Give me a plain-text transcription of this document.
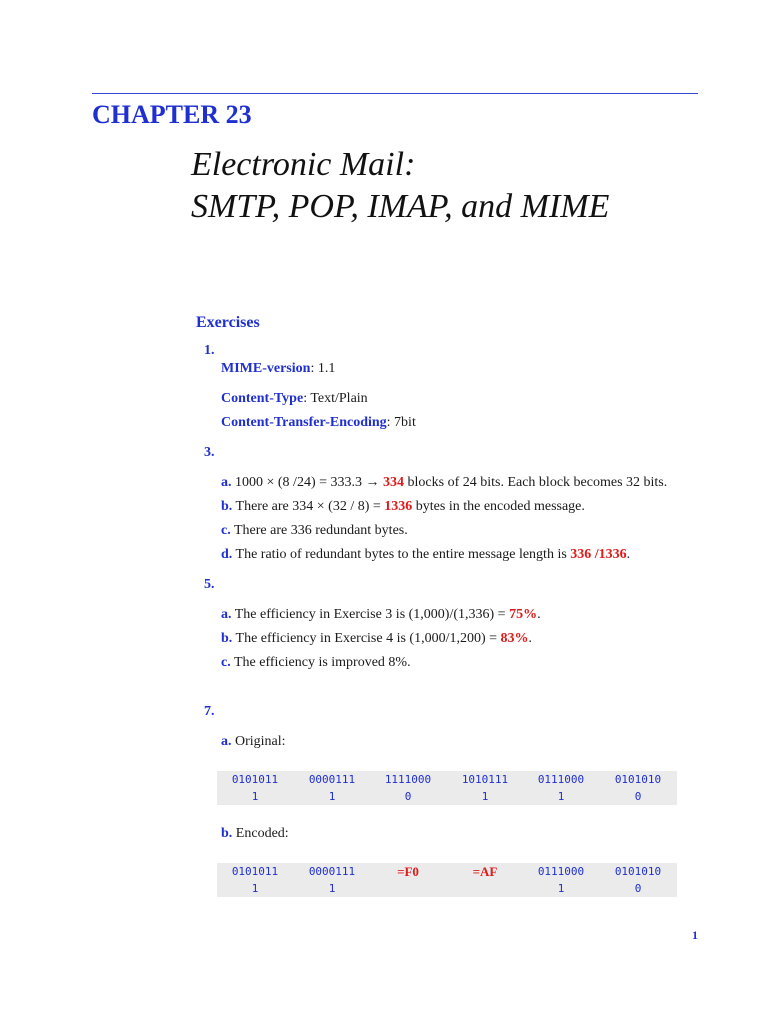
CHAPTER 23
Electronic Mail:
SMTP, POP, IMAP, and MIME
Exercises
1.
MIME-version: 1.1
Content-Type: Text/Plain
Content-Transfer-Encoding: 7bit
3.
a. 1000 × (8 /24) = 333.3 → 334 blocks of 24 bits. Each block becomes 32 bits.
b. There are 334 × (32 / 8) = 1336 bytes in the encoded message.
c. There are 336 redundant bytes.
d. The ratio of redundant bytes to the entire message length is 336 /1336.
5.
a. The efficiency in Exercise 3 is (1,000)/(1,336) = 75%.
b. The efficiency in Exercise 4 is (1,000/1,200) = 83%.
c. The efficiency is improved 8%.
7.
a. Original:
0101011
1
0000111
1
1111000
0
1010111
1
0111000
1
0101010
0
b. Encoded:
0101011
1
0000111
1
=F0	=AF	0111000
1
0101010
0
1
